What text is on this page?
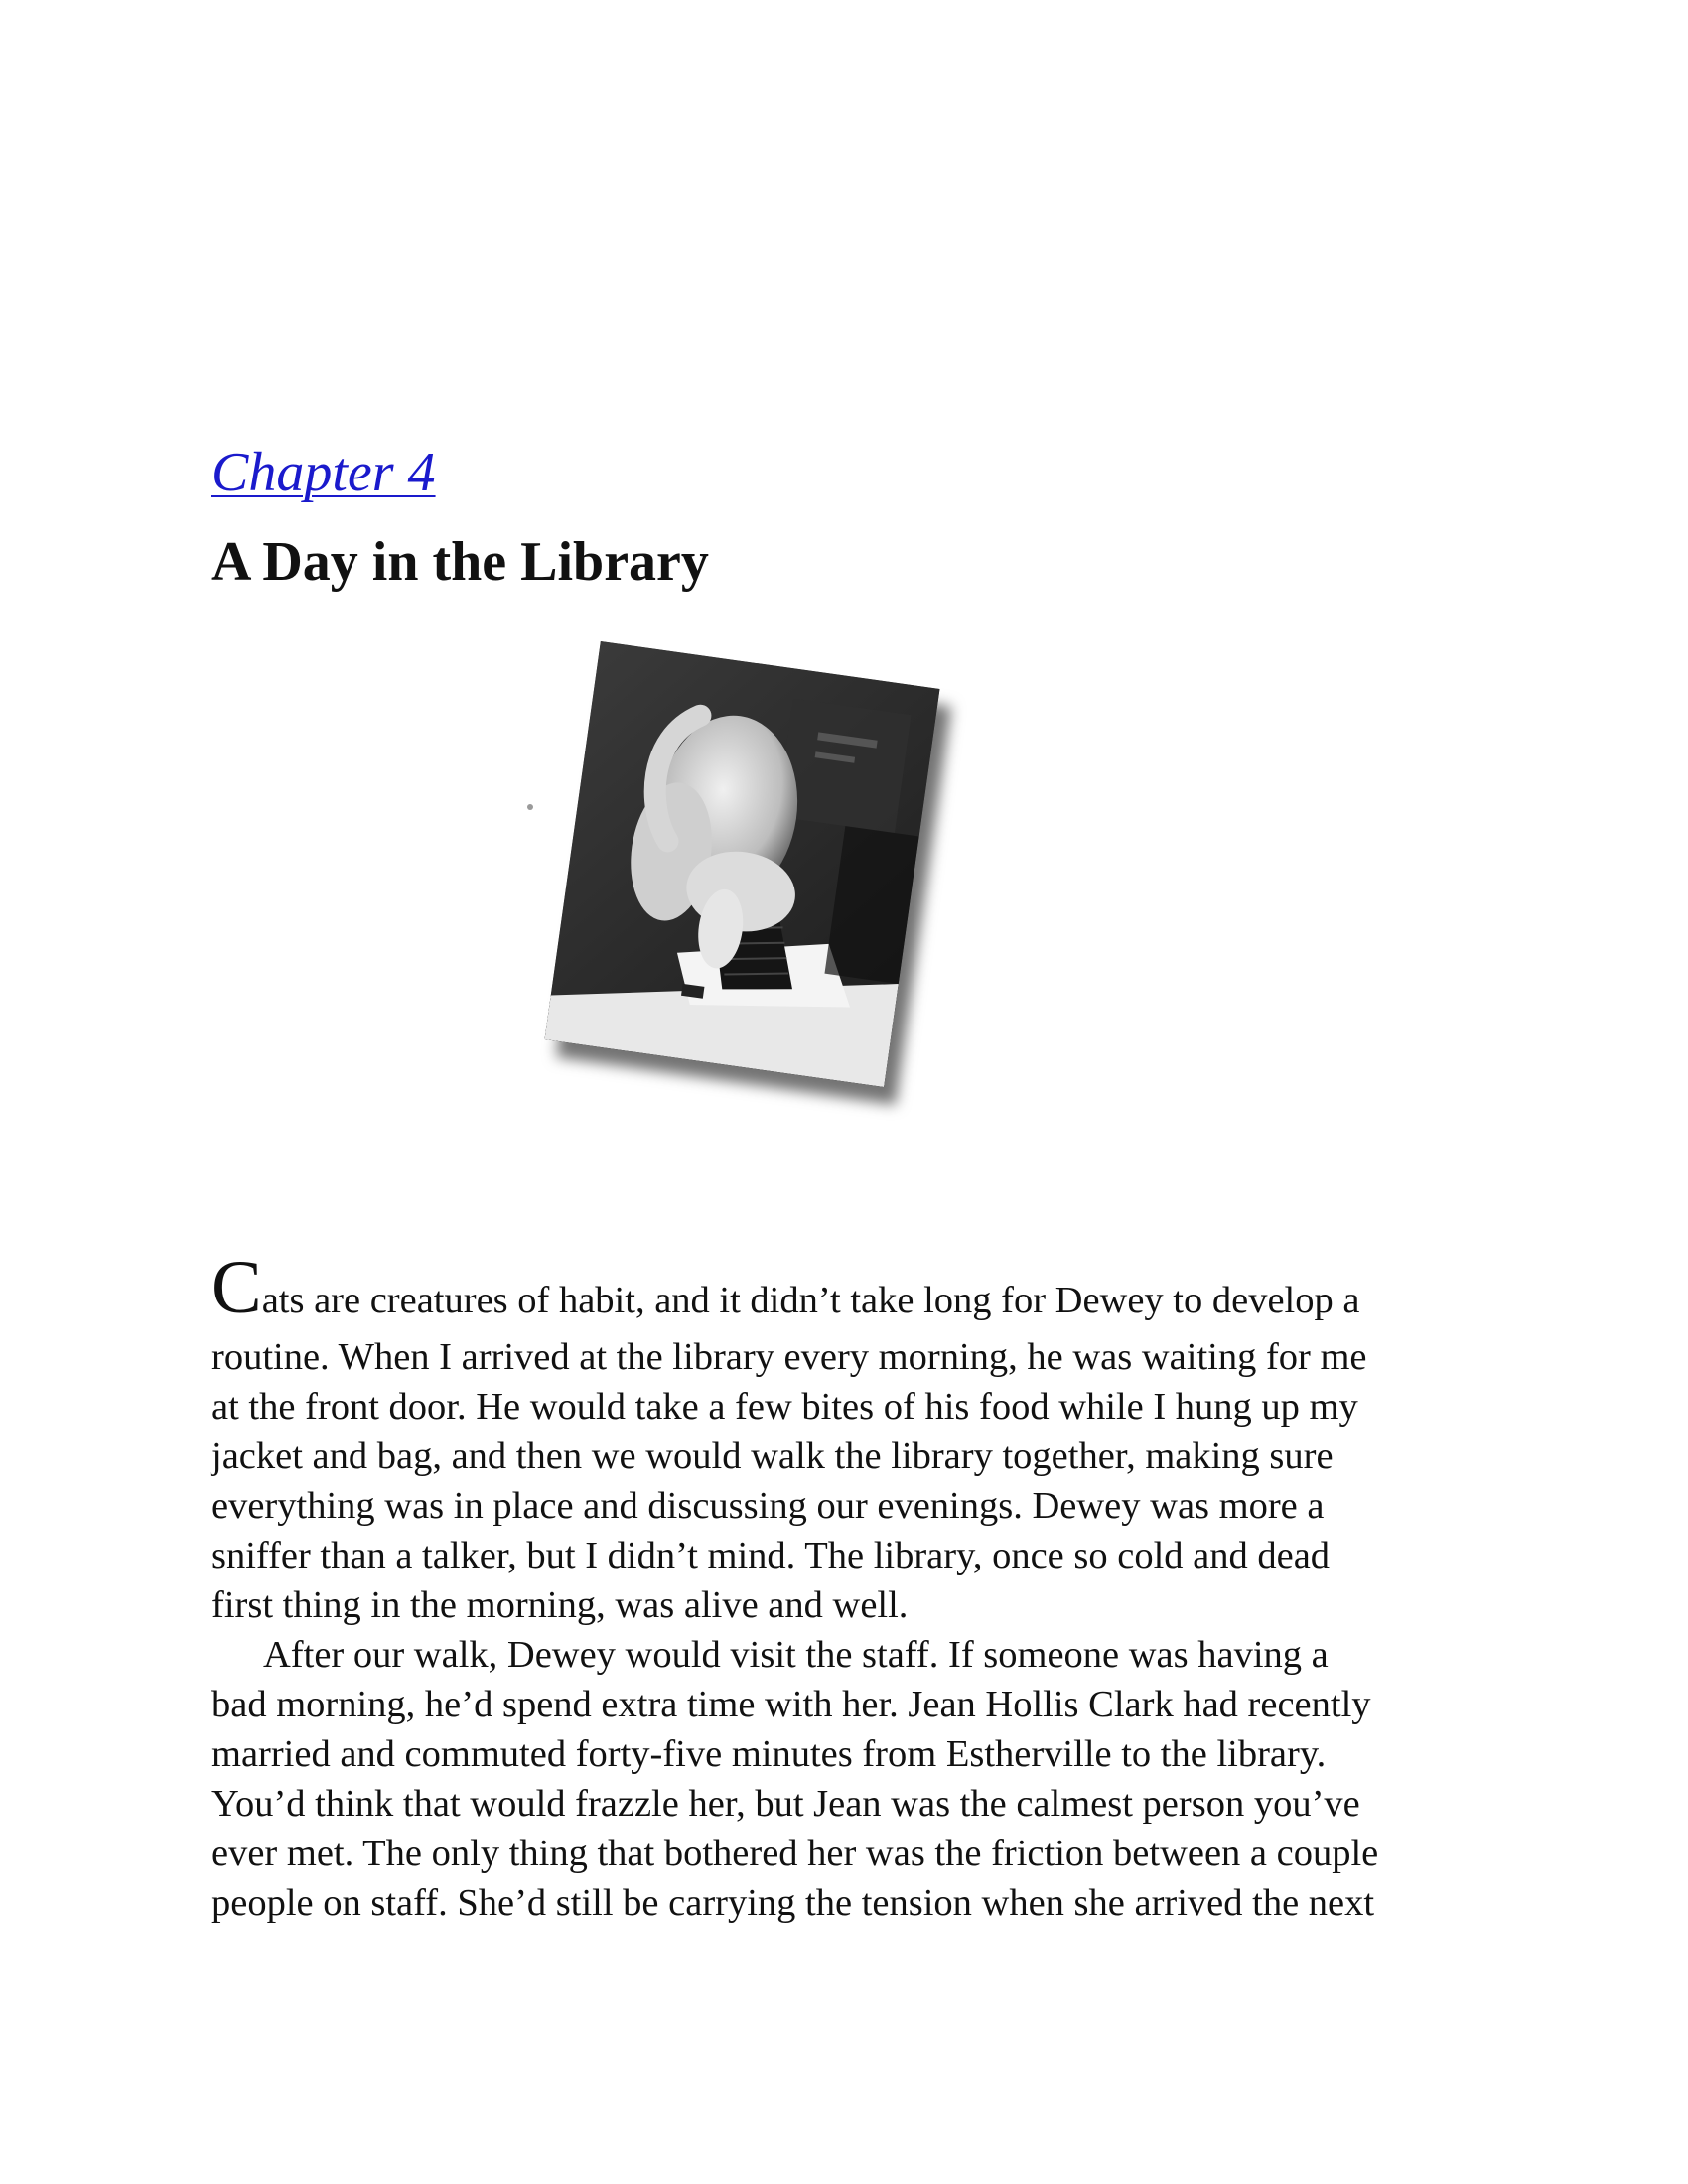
Chapter 4
A Day in the Library

Cats are creatures of habit, and it didn’t take long for Dewey to develop a
routine. When I arrived at the library every morning, he was waiting for me
at the front door. He would take a few bites of his food while I hung up my
jacket and bag, and then we would walk the library together, making sure
everything was in place and discussing our evenings. Dewey was more a
sniffer than a talker, but I didn’t mind. The library, once so cold and dead
first thing in the morning, was alive and well.

After our walk, Dewey would visit the staff. If someone was having a
bad morning, he’d spend extra time with her. Jean Hollis Clark had recently
married and commuted forty-five minutes from Estherville to the library.
You’d think that would frazzle her, but Jean was the calmest person you’ve
ever met. The only thing that bothered her was the friction between a couple
people on staff. She’d still be carrying the tension when she arrived the next
